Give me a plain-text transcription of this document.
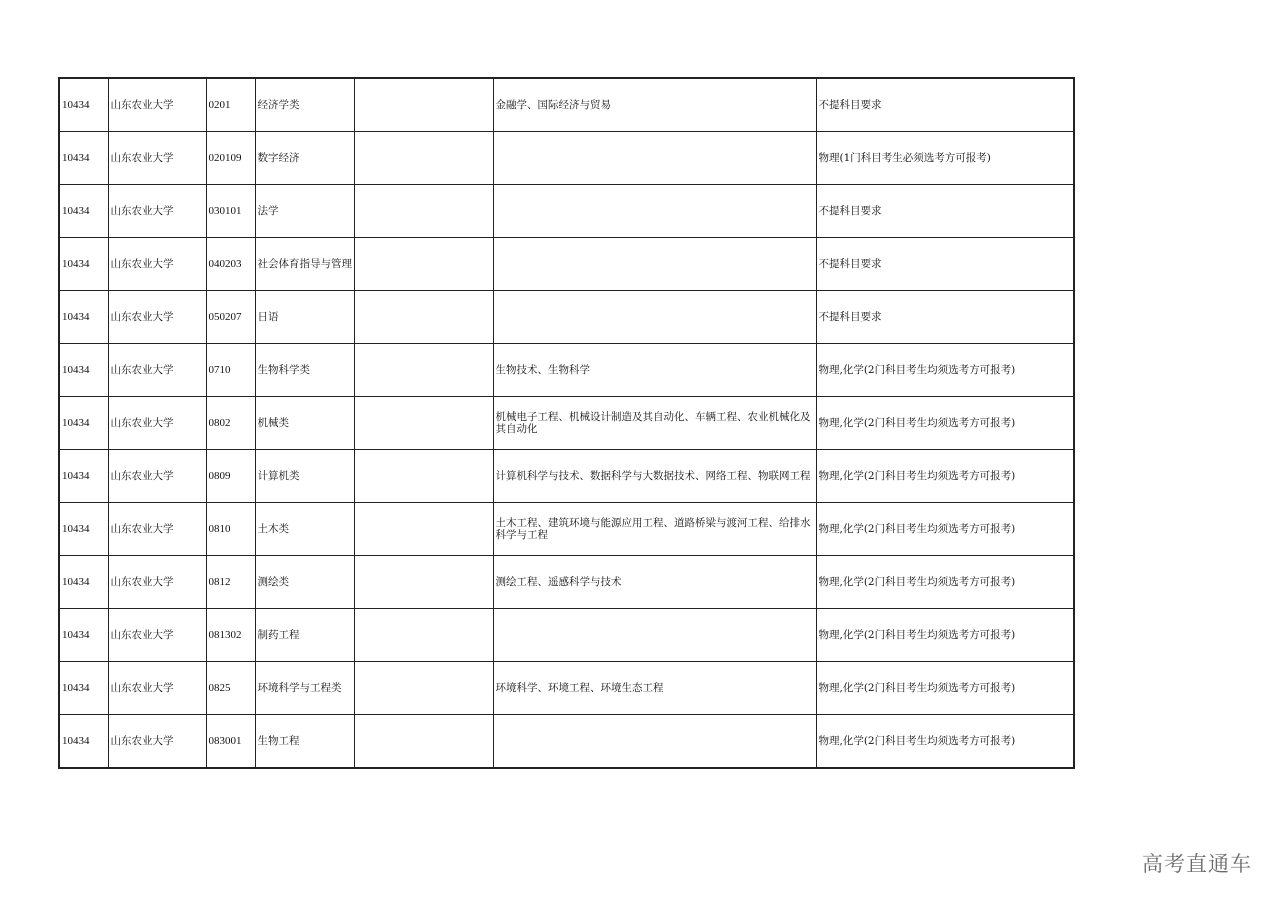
10434	山东农业大学	0201	经济学类		金融学、国际经济与贸易	不提科目要求
10434	山东农业大学	020109	数字经济			物理(1门科目考生必须选考方可报考)
10434	山东农业大学	030101	法学			不提科目要求
10434	山东农业大学	040203	社会体育指导与管理			不提科目要求
10434	山东农业大学	050207	日语			不提科目要求
10434	山东农业大学	0710	生物科学类		生物技术、生物科学	物理,化学(2门科目考生均须选考方可报考)
10434	山东农业大学	0802	机械类		机械电子工程、机械设计制造及其自动化、车辆工程、农业机械化及其自动化	物理,化学(2门科目考生均须选考方可报考)
10434	山东农业大学	0809	计算机类		计算机科学与技术、数据科学与大数据技术、网络工程、物联网工程	物理,化学(2门科目考生均须选考方可报考)
10434	山东农业大学	0810	土木类		土木工程、建筑环境与能源应用工程、道路桥梁与渡河工程、给排水科学与工程	物理,化学(2门科目考生均须选考方可报考)
10434	山东农业大学	0812	测绘类		测绘工程、遥感科学与技术	物理,化学(2门科目考生均须选考方可报考)
10434	山东农业大学	081302	制药工程			物理,化学(2门科目考生均须选考方可报考)
10434	山东农业大学	0825	环境科学与工程类		环境科学、环境工程、环境生态工程	物理,化学(2门科目考生均须选考方可报考)
10434	山东农业大学	083001	生物工程			物理,化学(2门科目考生均须选考方可报考)
高考直通车
